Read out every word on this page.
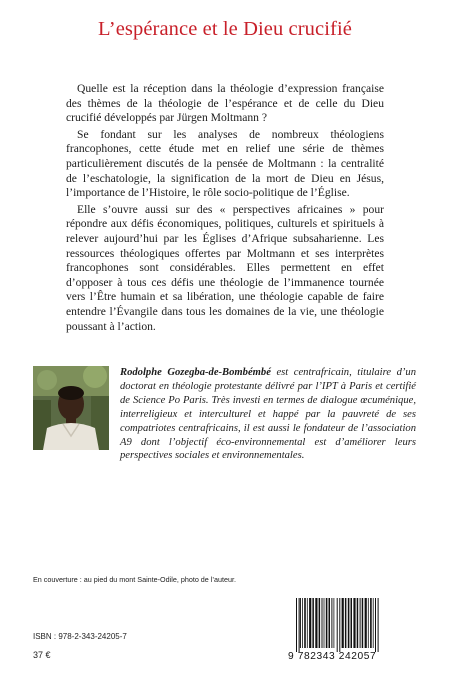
L’espérance et le Dieu crucifié

Quelle est la réception dans la théologie d’expression française des thèmes de la théologie de l’espérance et de celle du Dieu crucifié développés par Jürgen Moltmann ?

Se fondant sur les analyses de nombreux théologiens francophones, cette étude met en relief une série de thèmes particulièrement discutés de la pensée de Moltmann : la centralité de l’eschatologie, la signification de la mort de Dieu en Jésus, l’importance de l’Histoire, le rôle socio-politique de l’Église.

Elle s’ouvre aussi sur des « perspectives africaines » pour répondre aux défis économiques, politiques, culturels et spirituels à relever aujourd’hui par les Églises d’Afrique subsaharienne. Les ressources théologiques offertes par Moltmann et ses interprètes francophones sont considérables. Elles permettent en effet d’opposer à tous ces défis une théologie de l’immanence tournée vers l’Être humain et sa libération, une théologie capable de faire entendre l’Évangile dans tous les domaines de la vie, une théologie poussant à l’action.

Rodolphe Gozegba-de-Bombémbé est centrafricain, titulaire d’un doctorat en théologie protestante délivré par l’IPT à Paris et certifié de Science Po Paris. Très investi en termes de dialogue œcuménique, interreligieux et interculturel et happé par la pauvreté de ses compatriotes centrafricains, il est aussi le fondateur de l’association A9 dont l’objectif éco-environnemental est d’améliorer leurs perspectives sociales et environnementales.
En couverture : au pied du mont Sainte-Odile, photo de l’auteur.
ISBN : 978-2-343-24205-7
37 €	9 782343 242057
